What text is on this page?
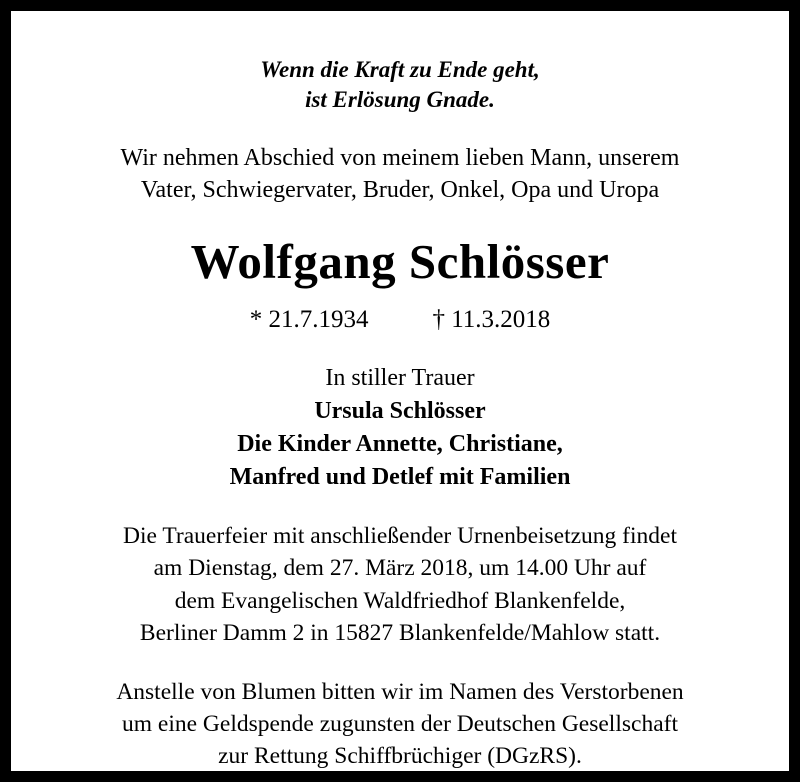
Wenn die Kraft zu Ende geht,
ist Erlösung Gnade.
Wir nehmen Abschied von meinem lieben Mann, unserem
Vater, Schwiegervater, Bruder, Onkel, Opa und Uropa
Wolfgang Schlösser
* 21.7.1934	† 11.3.2018
In stiller Trauer
Ursula Schlösser
Die Kinder Annette, Christiane,
Manfred und Detlef mit Familien
Die Trauerfeier mit anschließender Urnenbeisetzung findet
am Dienstag, dem 27. März 2018, um 14.00 Uhr auf
dem Evangelischen Waldfriedhof Blankenfelde,
Berliner Damm 2 in 15827 Blankenfelde/Mahlow statt.
Anstelle von Blumen bitten wir im Namen des Verstorbenen
um eine Geldspende zugunsten der Deutschen Gesellschaft
zur Rettung Schiffbrüchiger (DGzRS).
